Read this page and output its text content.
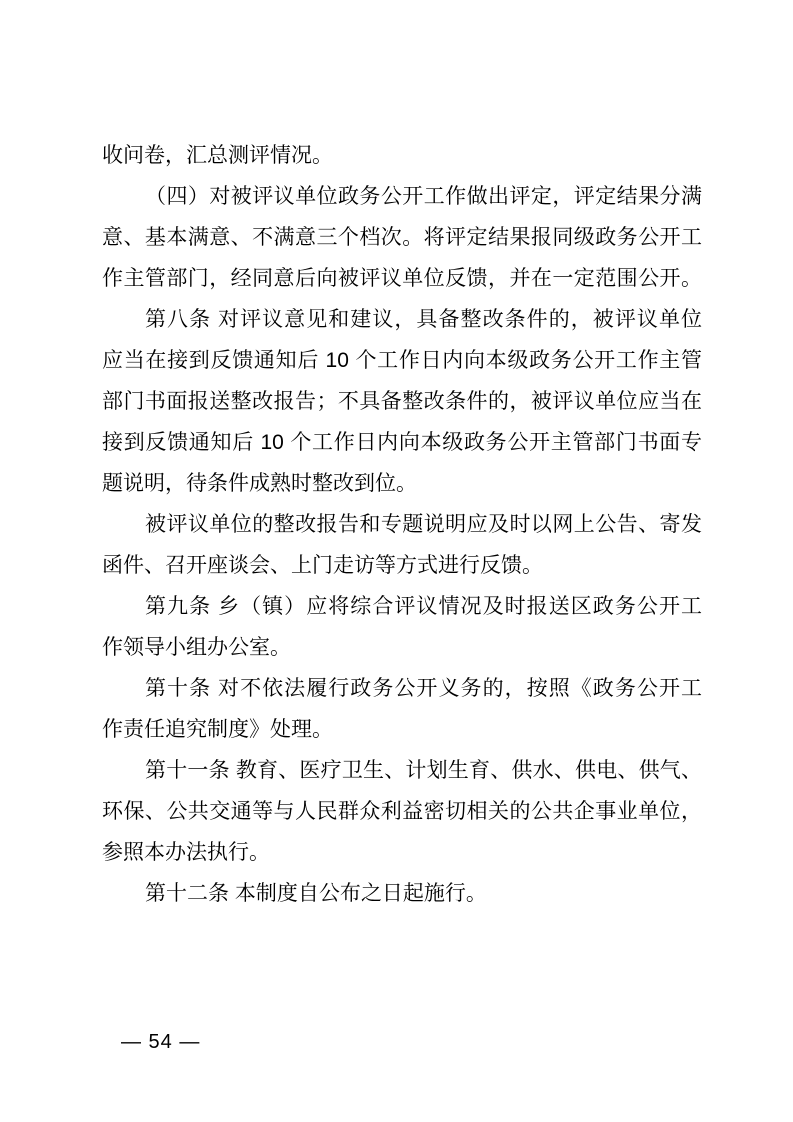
收问卷，汇总测评情况。
（四）对被评议单位政务公开工作做出评定，评定结果分满
意、基本满意、不满意三个档次。将评定结果报同级政务公开工
作主管部门，经同意后向被评议单位反馈，并在一定范围公开。
第八条 对评议意见和建议，具备整改条件的，被评议单位
应当在接到反馈通知后 10 个工作日内向本级政务公开工作主管
部门书面报送整改报告；不具备整改条件的，被评议单位应当在
接到反馈通知后 10 个工作日内向本级政务公开主管部门书面专
题说明，待条件成熟时整改到位。
被评议单位的整改报告和专题说明应及时以网上公告、寄发
函件、召开座谈会、上门走访等方式进行反馈。
第九条 乡（镇）应将综合评议情况及时报送区政务公开工
作领导小组办公室。
第十条 对不依法履行政务公开义务的，按照《政务公开工
作责任追究制度》处理。
第十一条 教育、医疗卫生、计划生育、供水、供电、供气、
环保、公共交通等与人民群众利益密切相关的公共企事业单位，
参照本办法执行。
第十二条 本制度自公布之日起施行。
— 54 —
